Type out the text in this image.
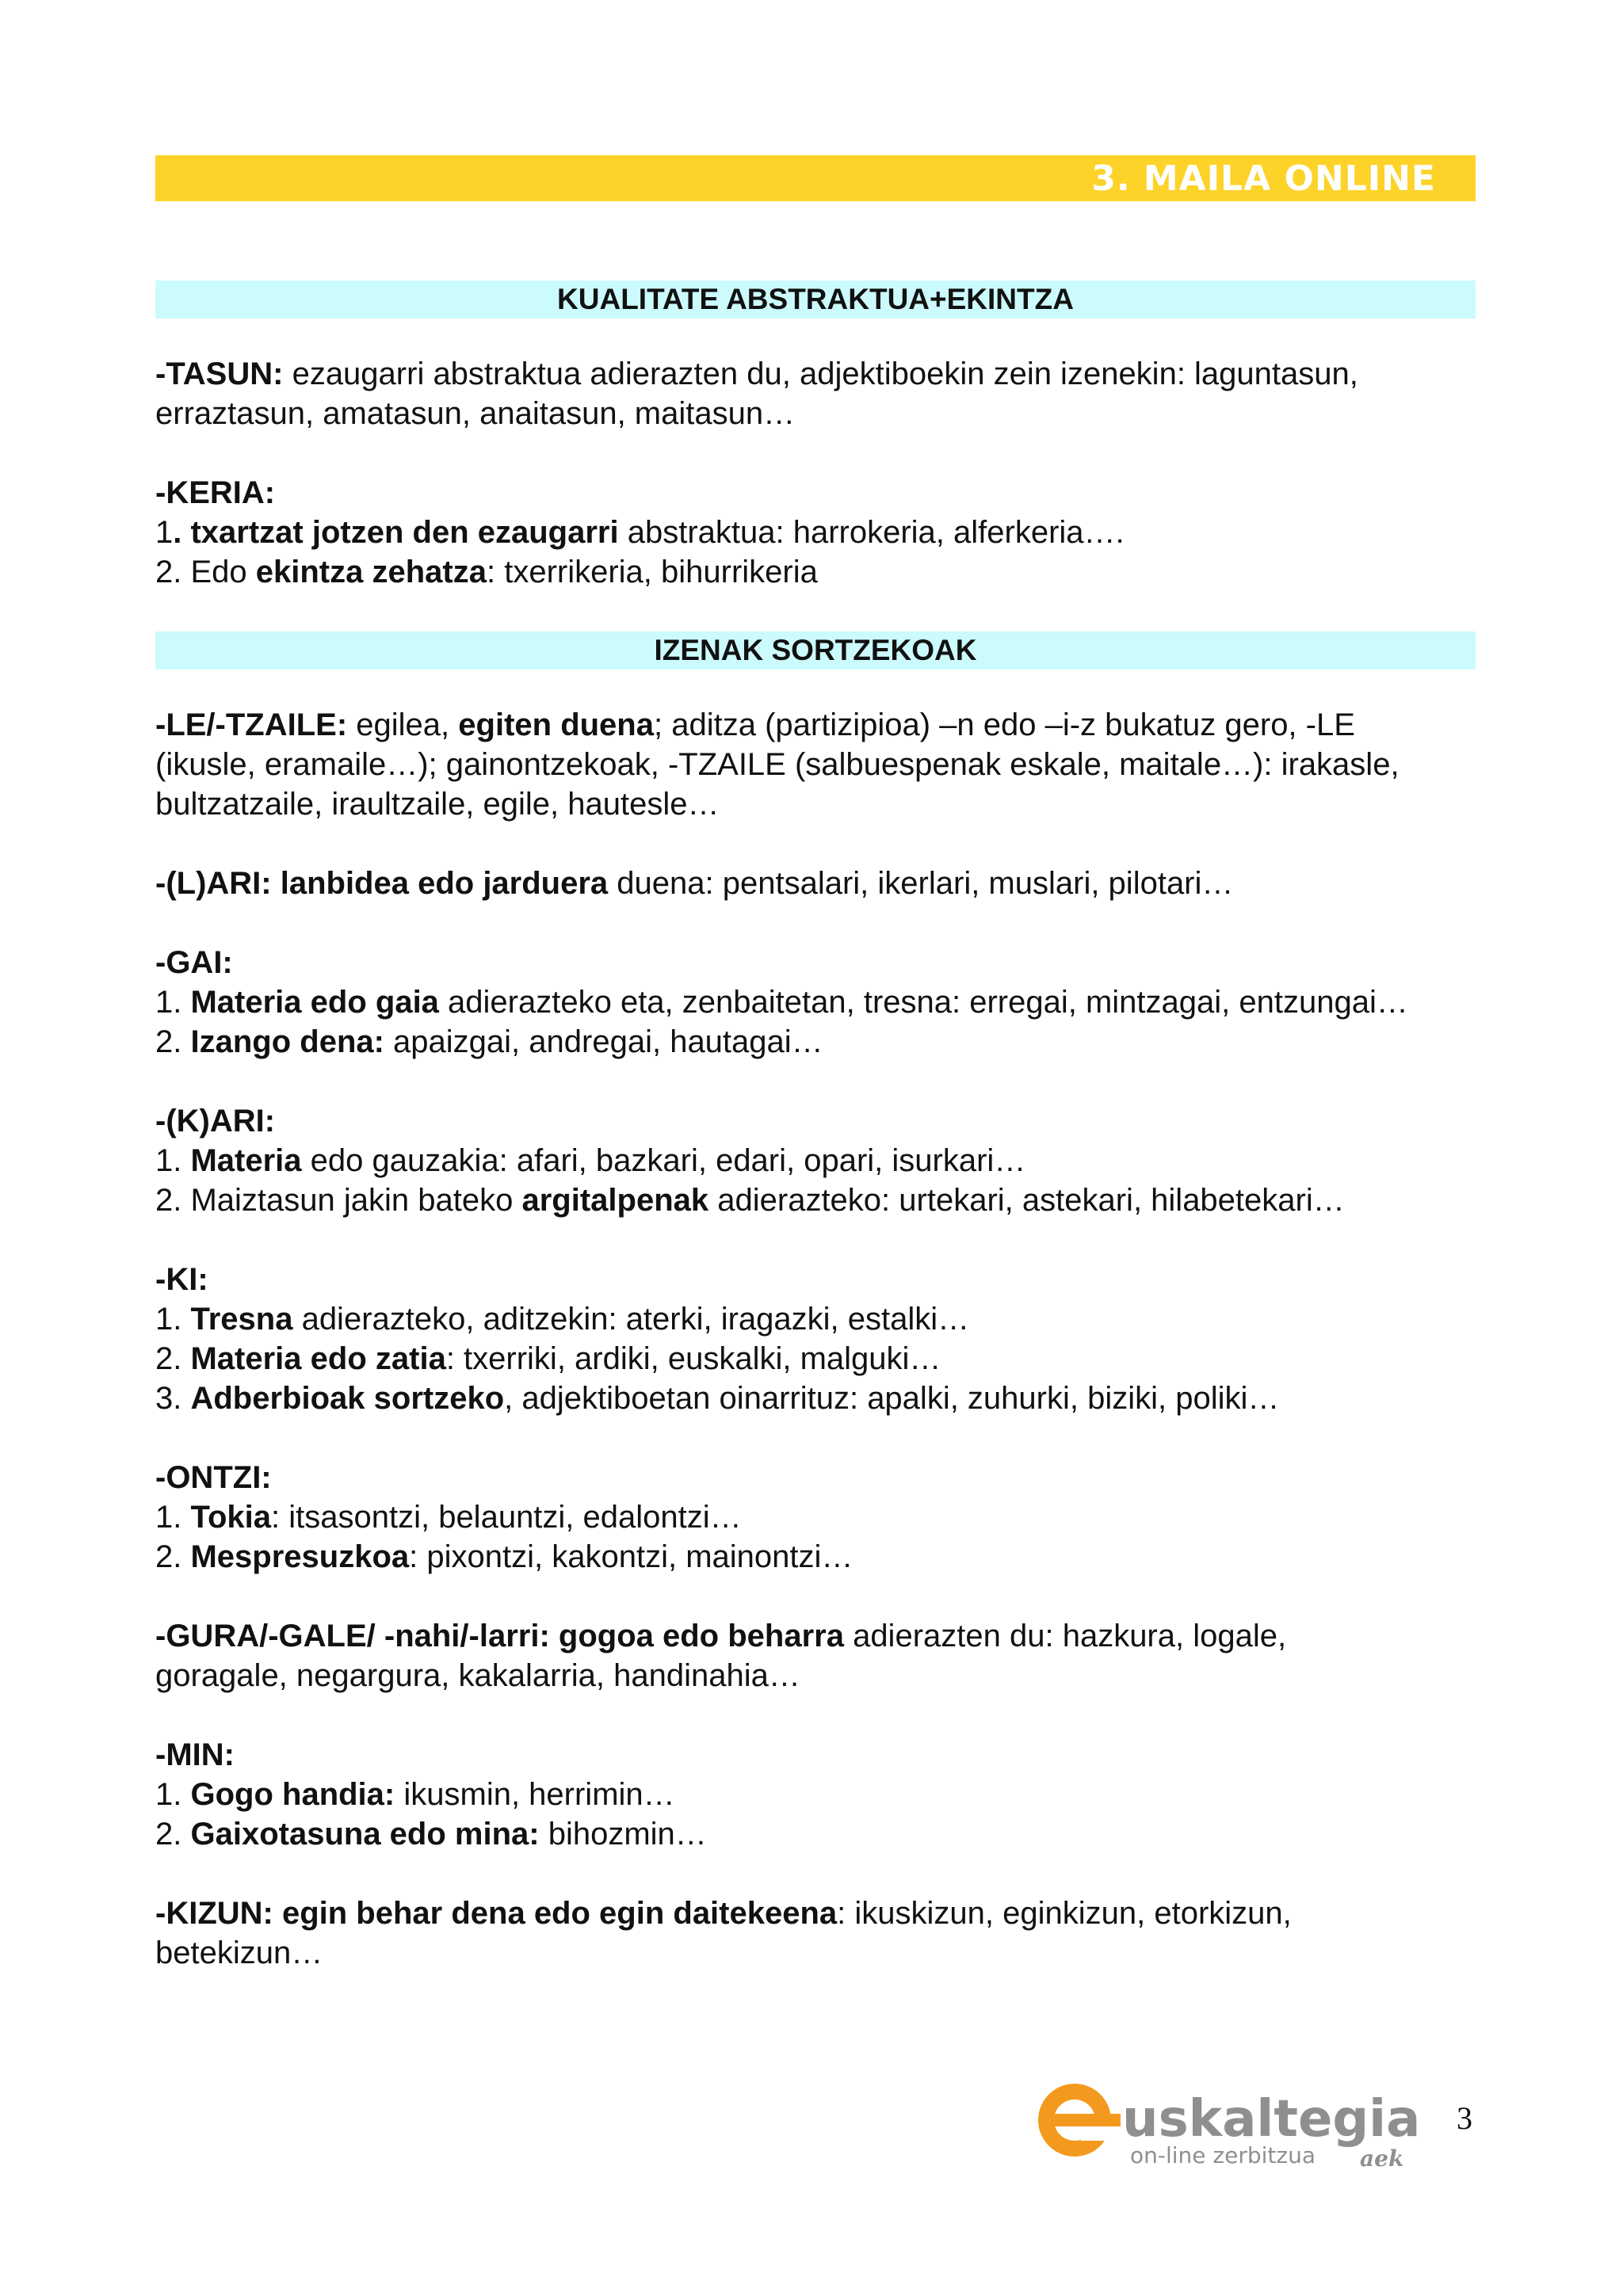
3. MAILA ONLINE
KUALITATE ABSTRAKTUA+EKINTZA

-TASUN: ezaugarri abstraktua adierazten du, adjektiboekin zein izenekin: laguntasun,

erraztasun, amatasun, anaitasun, maitasun…

-KERIA:

1. txartzat jotzen den ezaugarri abstraktua: harrokeria, alferkeria….

2. Edo ekintza zehatza: txerrikeria, bihurrikeria

IZENAK SORTZEKOAK

-LE/-TZAILE: egilea, egiten duena; aditza (partizipioa) –n edo –i-z bukatuz gero, -LE

(ikusle, eramaile…); gainontzekoak, -TZAILE (salbuespenak eskale, maitale…): irakasle,

bultzatzaile, iraultzaile, egile, hautesle…

-(L)ARI: lanbidea edo jarduera duena: pentsalari, ikerlari, muslari, pilotari…

-GAI:

1. Materia edo gaia adierazteko eta, zenbaitetan, tresna: erregai, mintzagai, entzungai…

2. Izango dena: apaizgai, andregai, hautagai…

-(K)ARI:

1. Materia edo gauzakia: afari, bazkari, edari, opari, isurkari…

2. Maiztasun jakin bateko argitalpenak adierazteko: urtekari, astekari, hilabetekari…

-KI:

1. Tresna adierazteko, aditzekin: aterki, iragazki, estalki…

2. Materia edo zatia: txerriki, ardiki, euskalki, malguki…

3. Adberbioak sortzeko, adjektiboetan oinarrituz: apalki, zuhurki, biziki, poliki…

-ONTZI:

1. Tokia: itsasontzi, belauntzi, edalontzi…

2. Mespresuzkoa: pixontzi, kakontzi, mainontzi…

-GURA/-GALE/ -nahi/-larri: gogoa edo beharra adierazten du: hazkura, logale,

goragale, negargura, kakalarria, handinahia…

-MIN:

1. Gogo handia: ikusmin, herrimin…

2. Gaixotasuna edo mina: bihozmin…

-KIZUN: egin behar dena edo egin daitekeena: ikuskizun, eginkizun, etorkizun,

betekizun…

uskaltegia
on-line zerbitzua aek
3
